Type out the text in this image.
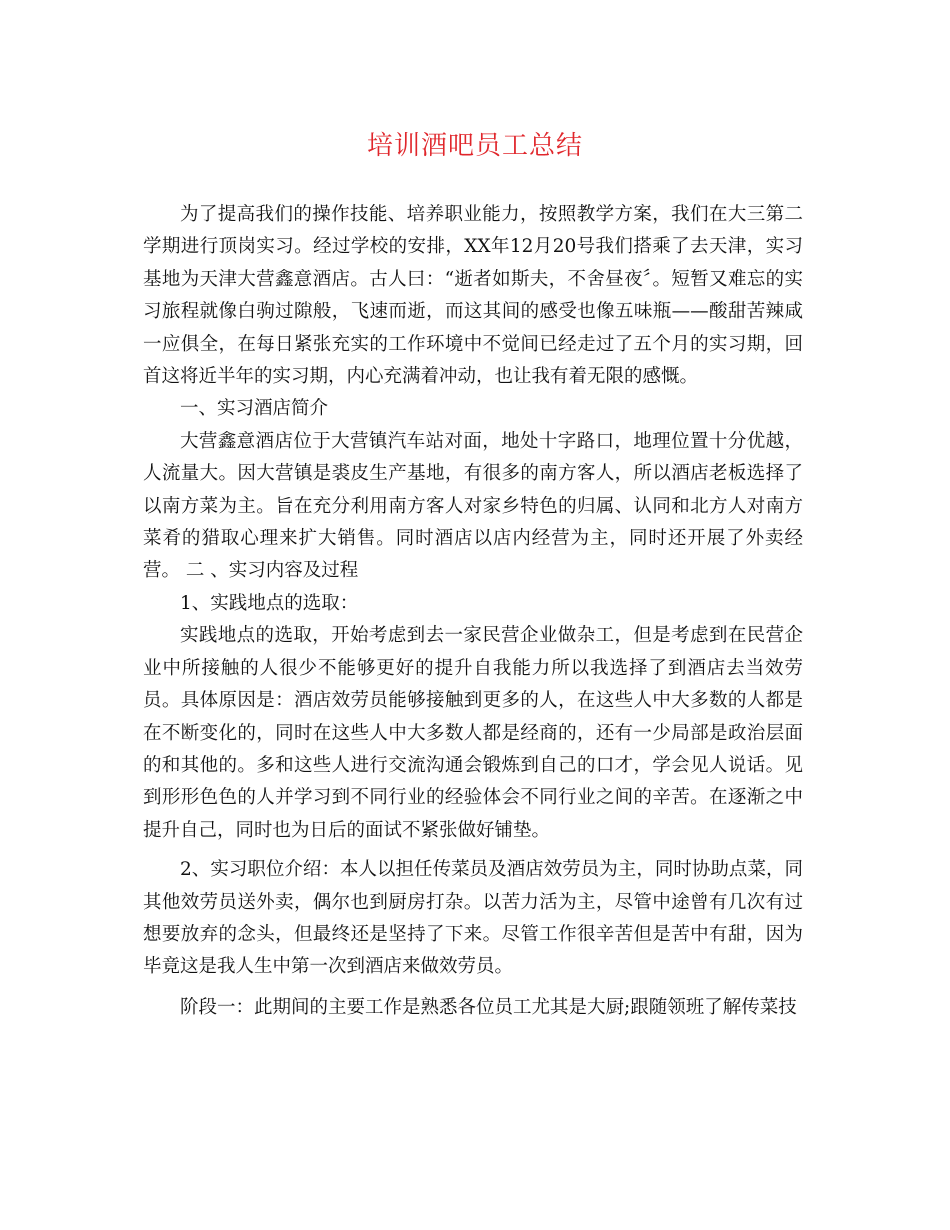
培训酒吧员工总结

为了提高我们的操作技能、培养职业能力，按照教学方案，我们在大三第二学期进行顶岗实习。经过学校的安排，XX年12月20号我们搭乘了去天津，实习基地为天津大营鑫意酒店。古人曰：“逝者如斯夫，不舍昼夜〞。短暂又难忘的实习旅程就像白驹过隙般，飞速而逝，而这其间的感受也像五味瓶——酸甜苦辣咸一应俱全，在每日紧张充实的工作环境中不觉间已经走过了五个月的实习期，回首这将近半年的实习期，内心充满着冲动，也让我有着无限的感慨。

一、实习酒店简介

大营鑫意酒店位于大营镇汽车站对面，地处十字路口，地理位置十分优越，人流量大。因大营镇是裘皮生产基地，有很多的南方客人，所以酒店老板选择了以南方菜为主。旨在充分利用南方客人对家乡特色的归属、认同和北方人对南方菜肴的猎取心理来扩大销售。同时酒店以店内经营为主，同时还开展了外卖经营。 二 、实习内容及过程

1、实践地点的选取：

实践地点的选取，开始考虑到去一家民营企业做杂工，但是考虑到在民营企业中所接触的人很少不能够更好的提升自我能力所以我选择了到酒店去当效劳员。具体原因是：酒店效劳员能够接触到更多的人，在这些人中大多数的人都是在不断变化的，同时在这些人中大多数人都是经商的，还有一少局部是政治层面的和其他的。多和这些人进行交流沟通会锻炼到自己的口才，学会见人说话。见到形形色色的人并学习到不同行业的经验体会不同行业之间的辛苦。在逐渐之中提升自己，同时也为日后的面试不紧张做好铺垫。

2、实习职位介绍：本人以担任传菜员及酒店效劳员为主，同时协助点菜，同其他效劳员送外卖，偶尔也到厨房打杂。以苦力活为主，尽管中途曾有几次有过想要放弃的念头，但最终还是坚持了下来。尽管工作很辛苦但是苦中有甜，因为毕竟这是我人生中第一次到酒店来做效劳员。

阶段一：此期间的主要工作是熟悉各位员工尤其是大厨;跟随领班了解传菜技
